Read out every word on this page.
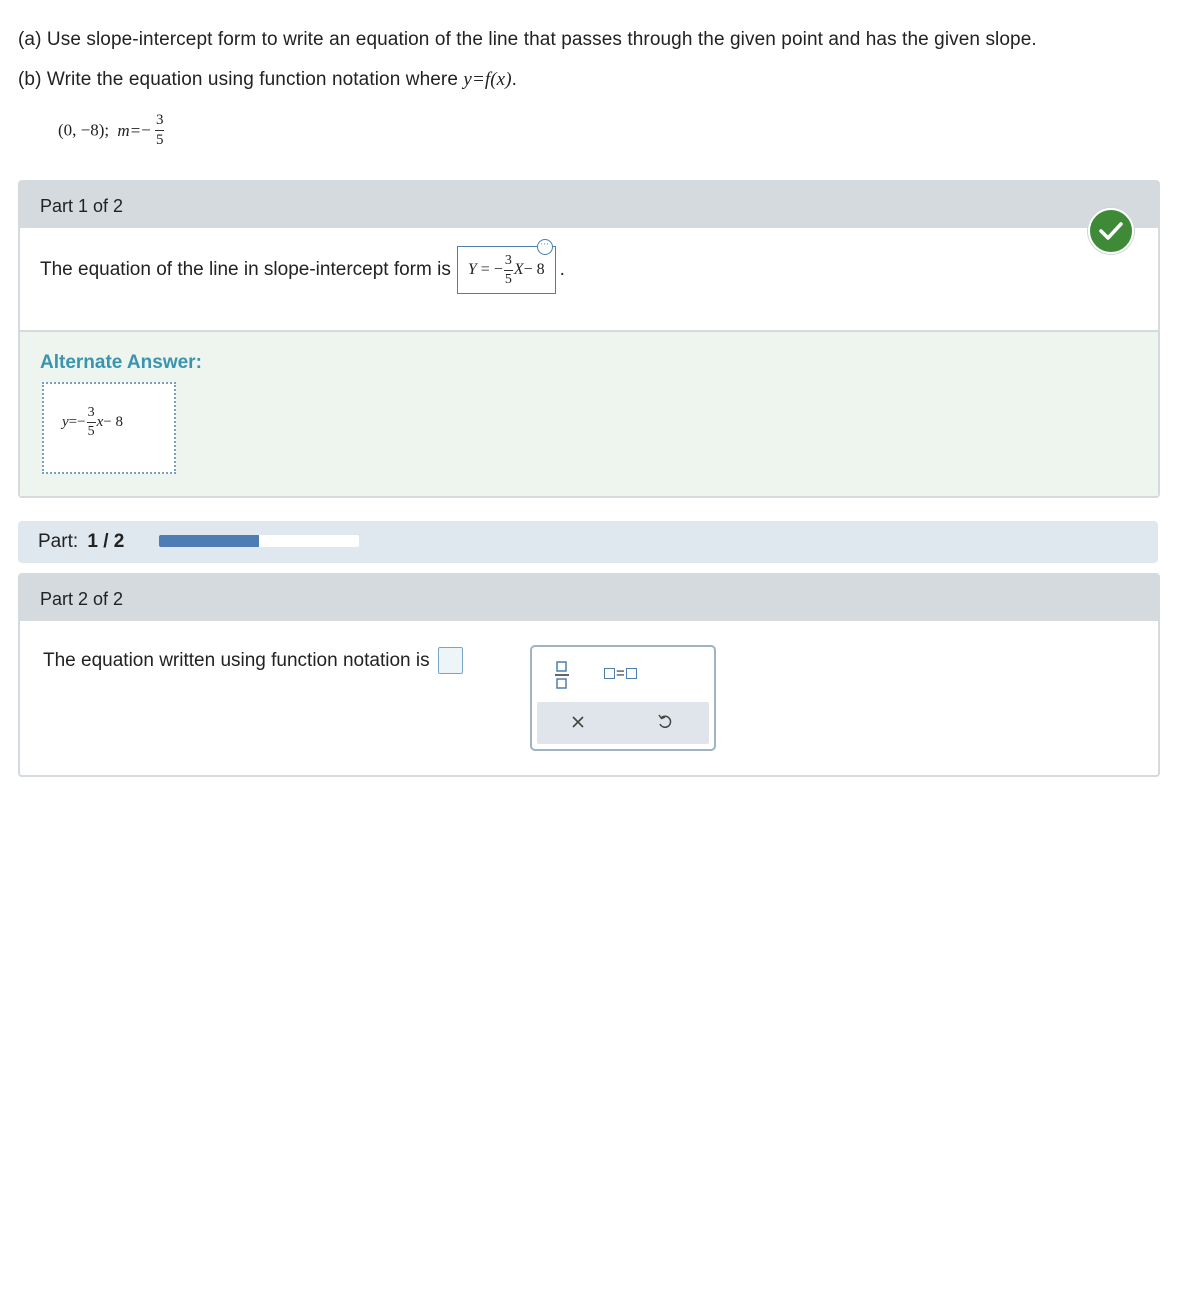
(a) Use slope-intercept form to write an equation of the line that passes through the given point and has the given slope.
(b) Write the equation using function notation where y=f(x).
(0, −8); $m=- \frac{3}{5}$
Part 1 of 2
The equation of the line in slope-intercept form is Y
=
− $\frac{3}{5}$ X − 8
···
.
Alternate Answer:
y = − $\frac{3}{5}$ x − 8
Part: 1 / 2
Part 2 of 2
The equation written using function notation is
=
